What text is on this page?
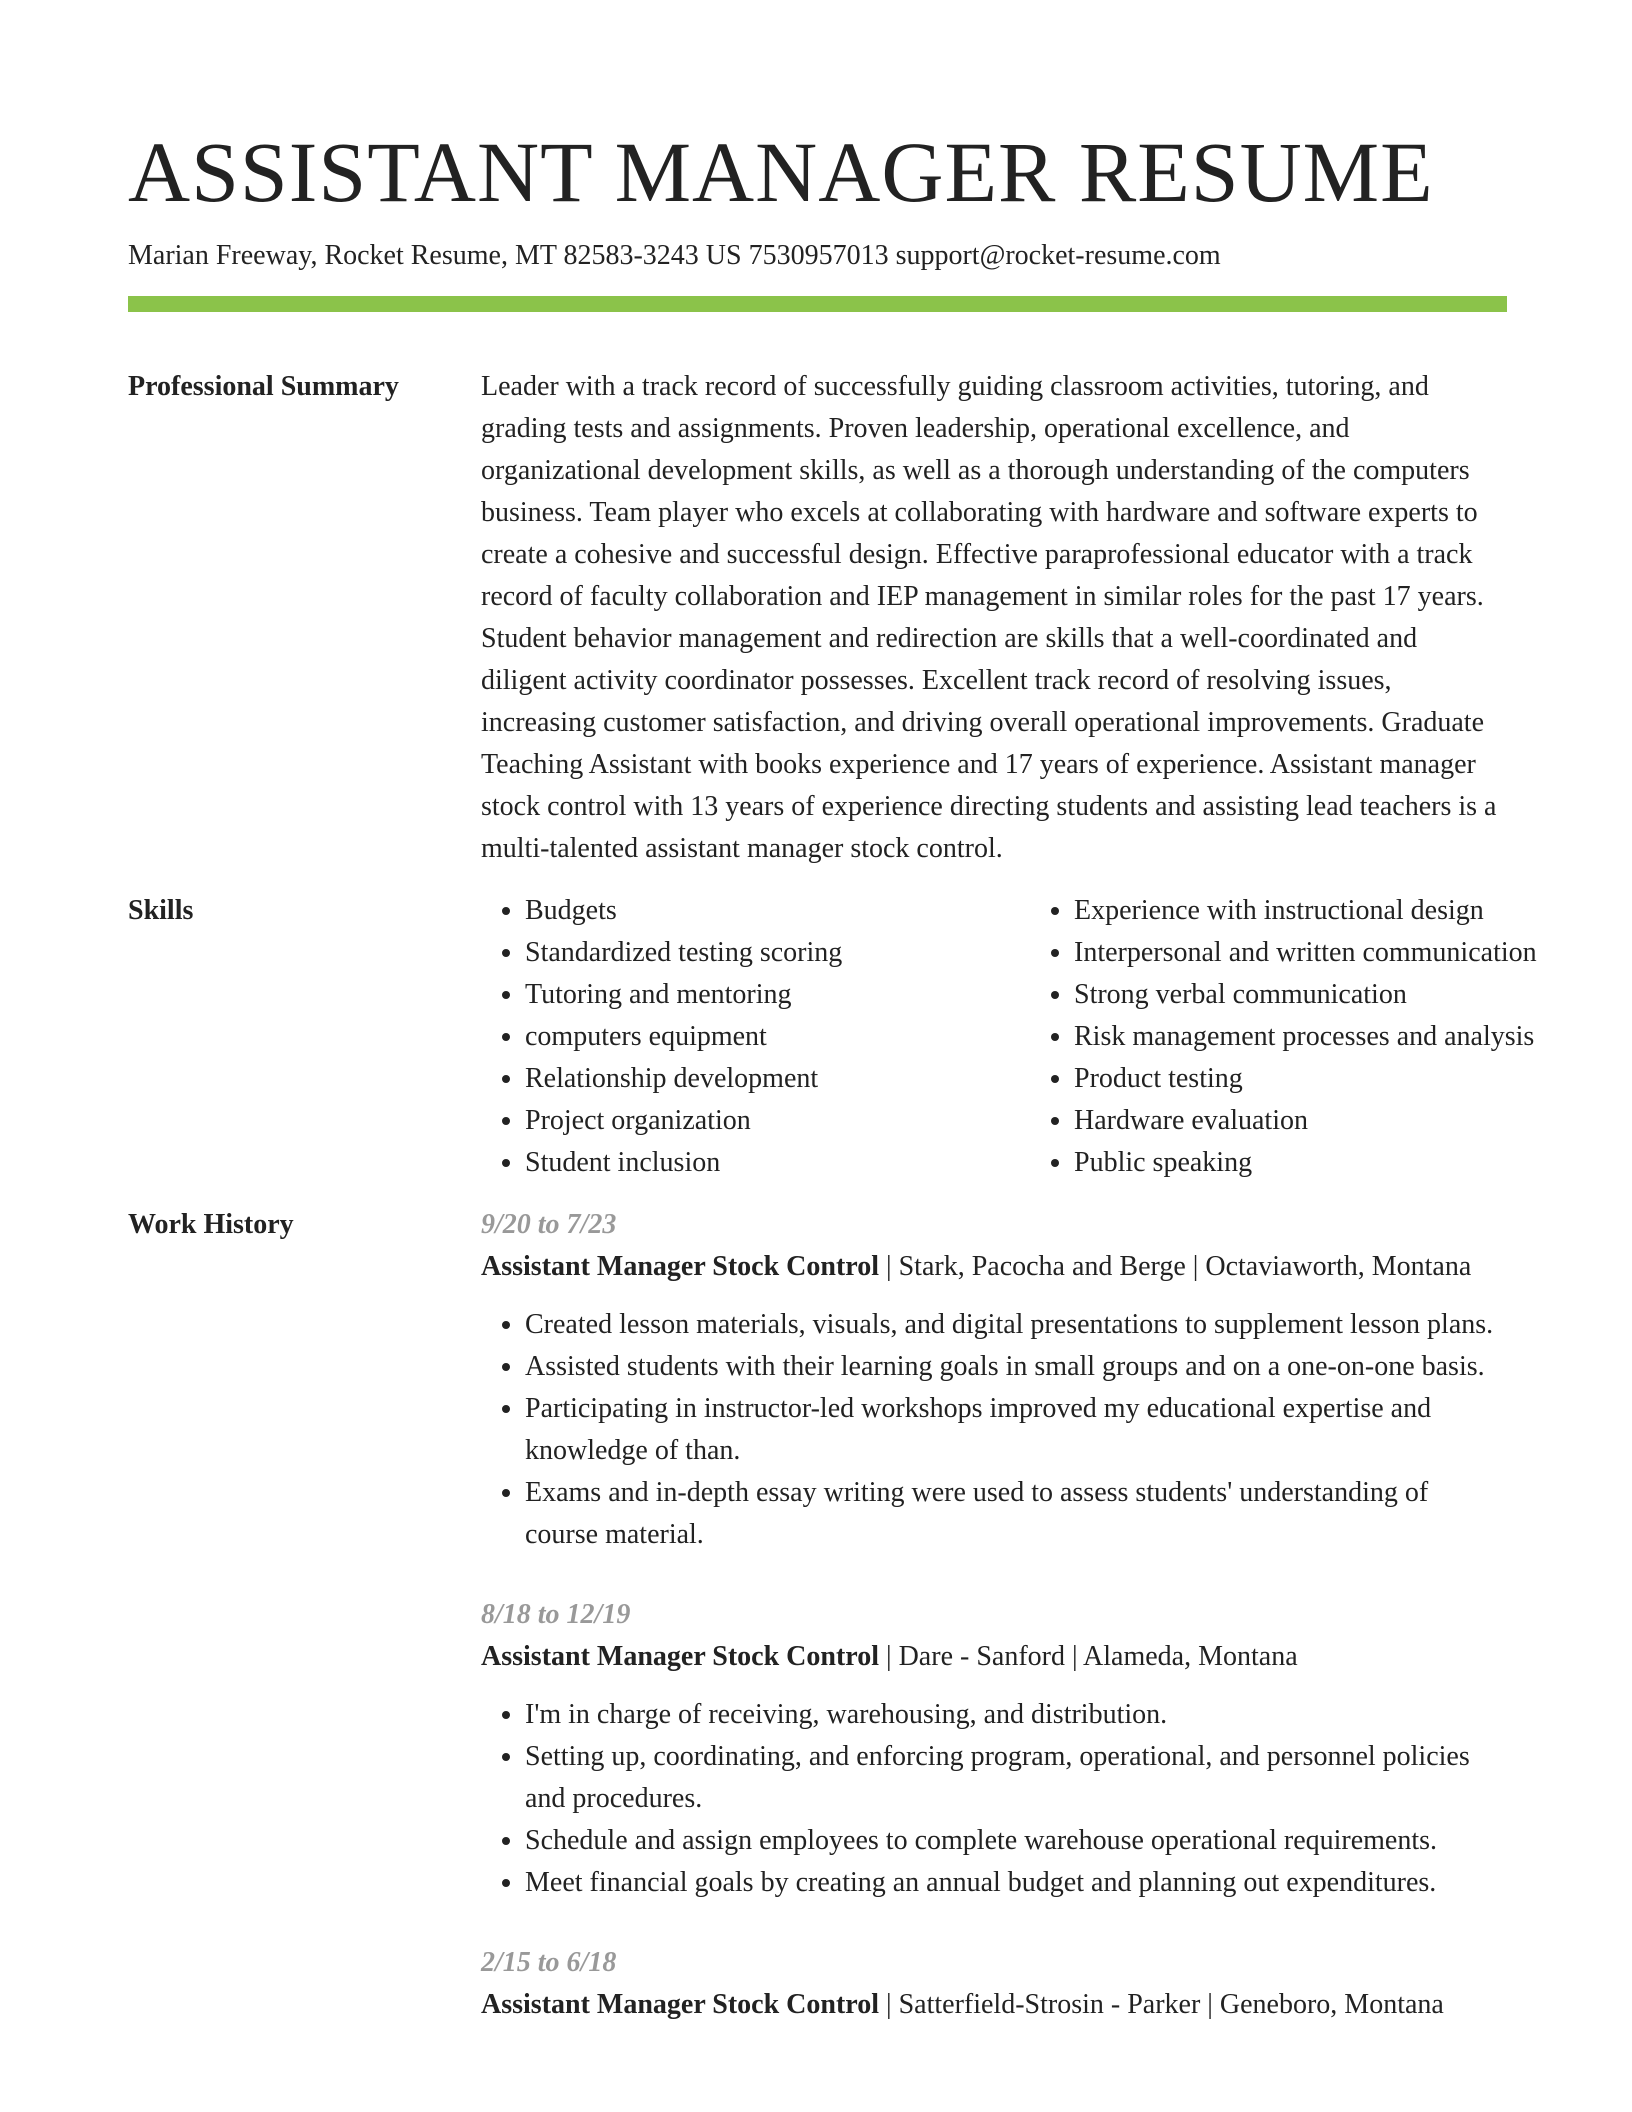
ASSISTANT MANAGER RESUME
Marian Freeway, Rocket Resume, MT 82583-3243 US 7530957013 support@rocket-resume.com
Professional Summary	Leader with a track record of successfully guiding classroom activities, tutoring, and grading tests and assignments. Proven leadership, operational excellence, and organizational development skills, as well as a thorough understanding of the computers business. Team player who excels at collaborating with hardware and software experts to create a cohesive and successful design. Effective paraprofessional educator with a track record of faculty collaboration and IEP management in similar roles for the past 17 years. Student behavior management and redirection are skills that a well-coordinated and diligent activity coordinator possesses. Excellent track record of resolving issues, increasing customer satisfaction, and driving overall operational improvements. Graduate Teaching Assistant with books experience and 17 years of experience. Assistant manager stock control with 13 years of experience directing students and assisting lead teachers is a multi-talented assistant manager stock control.

Skills
•	Budgets
• Standardized testing scoring
• Tutoring and mentoring
• computers equipment
• Relationship development
• Project organization
• Student inclusion
• Experience with instructional design
• Interpersonal and written communication
• Strong verbal communication
• Risk management processes and analysis
• Product testing
• Hardware evaluation
• Public speaking
Work History	9/20 to 7/23
Assistant Manager Stock Control | Stark, Pacocha and Berge | Octaviaworth, Montana
• Created lesson materials, visuals, and digital presentations to supplement lesson plans.
• Assisted students with their learning goals in small groups and on a one-on-one basis.
• Participating in instructor-led workshops improved my educational expertise and knowledge of than.
• Exams and in-depth essay writing were used to assess students' understanding of course material.
8/18 to 12/19
Assistant Manager Stock Control | Dare - Sanford | Alameda, Montana
• I'm in charge of receiving, warehousing, and distribution.
• Setting up, coordinating, and enforcing program, operational, and personnel policies and procedures.
• Schedule and assign employees to complete warehouse operational requirements.
• Meet financial goals by creating an annual budget and planning out expenditures.
2/15 to 6/18
Assistant Manager Stock Control | Satterfield-Strosin - Parker | Geneboro, Montana
